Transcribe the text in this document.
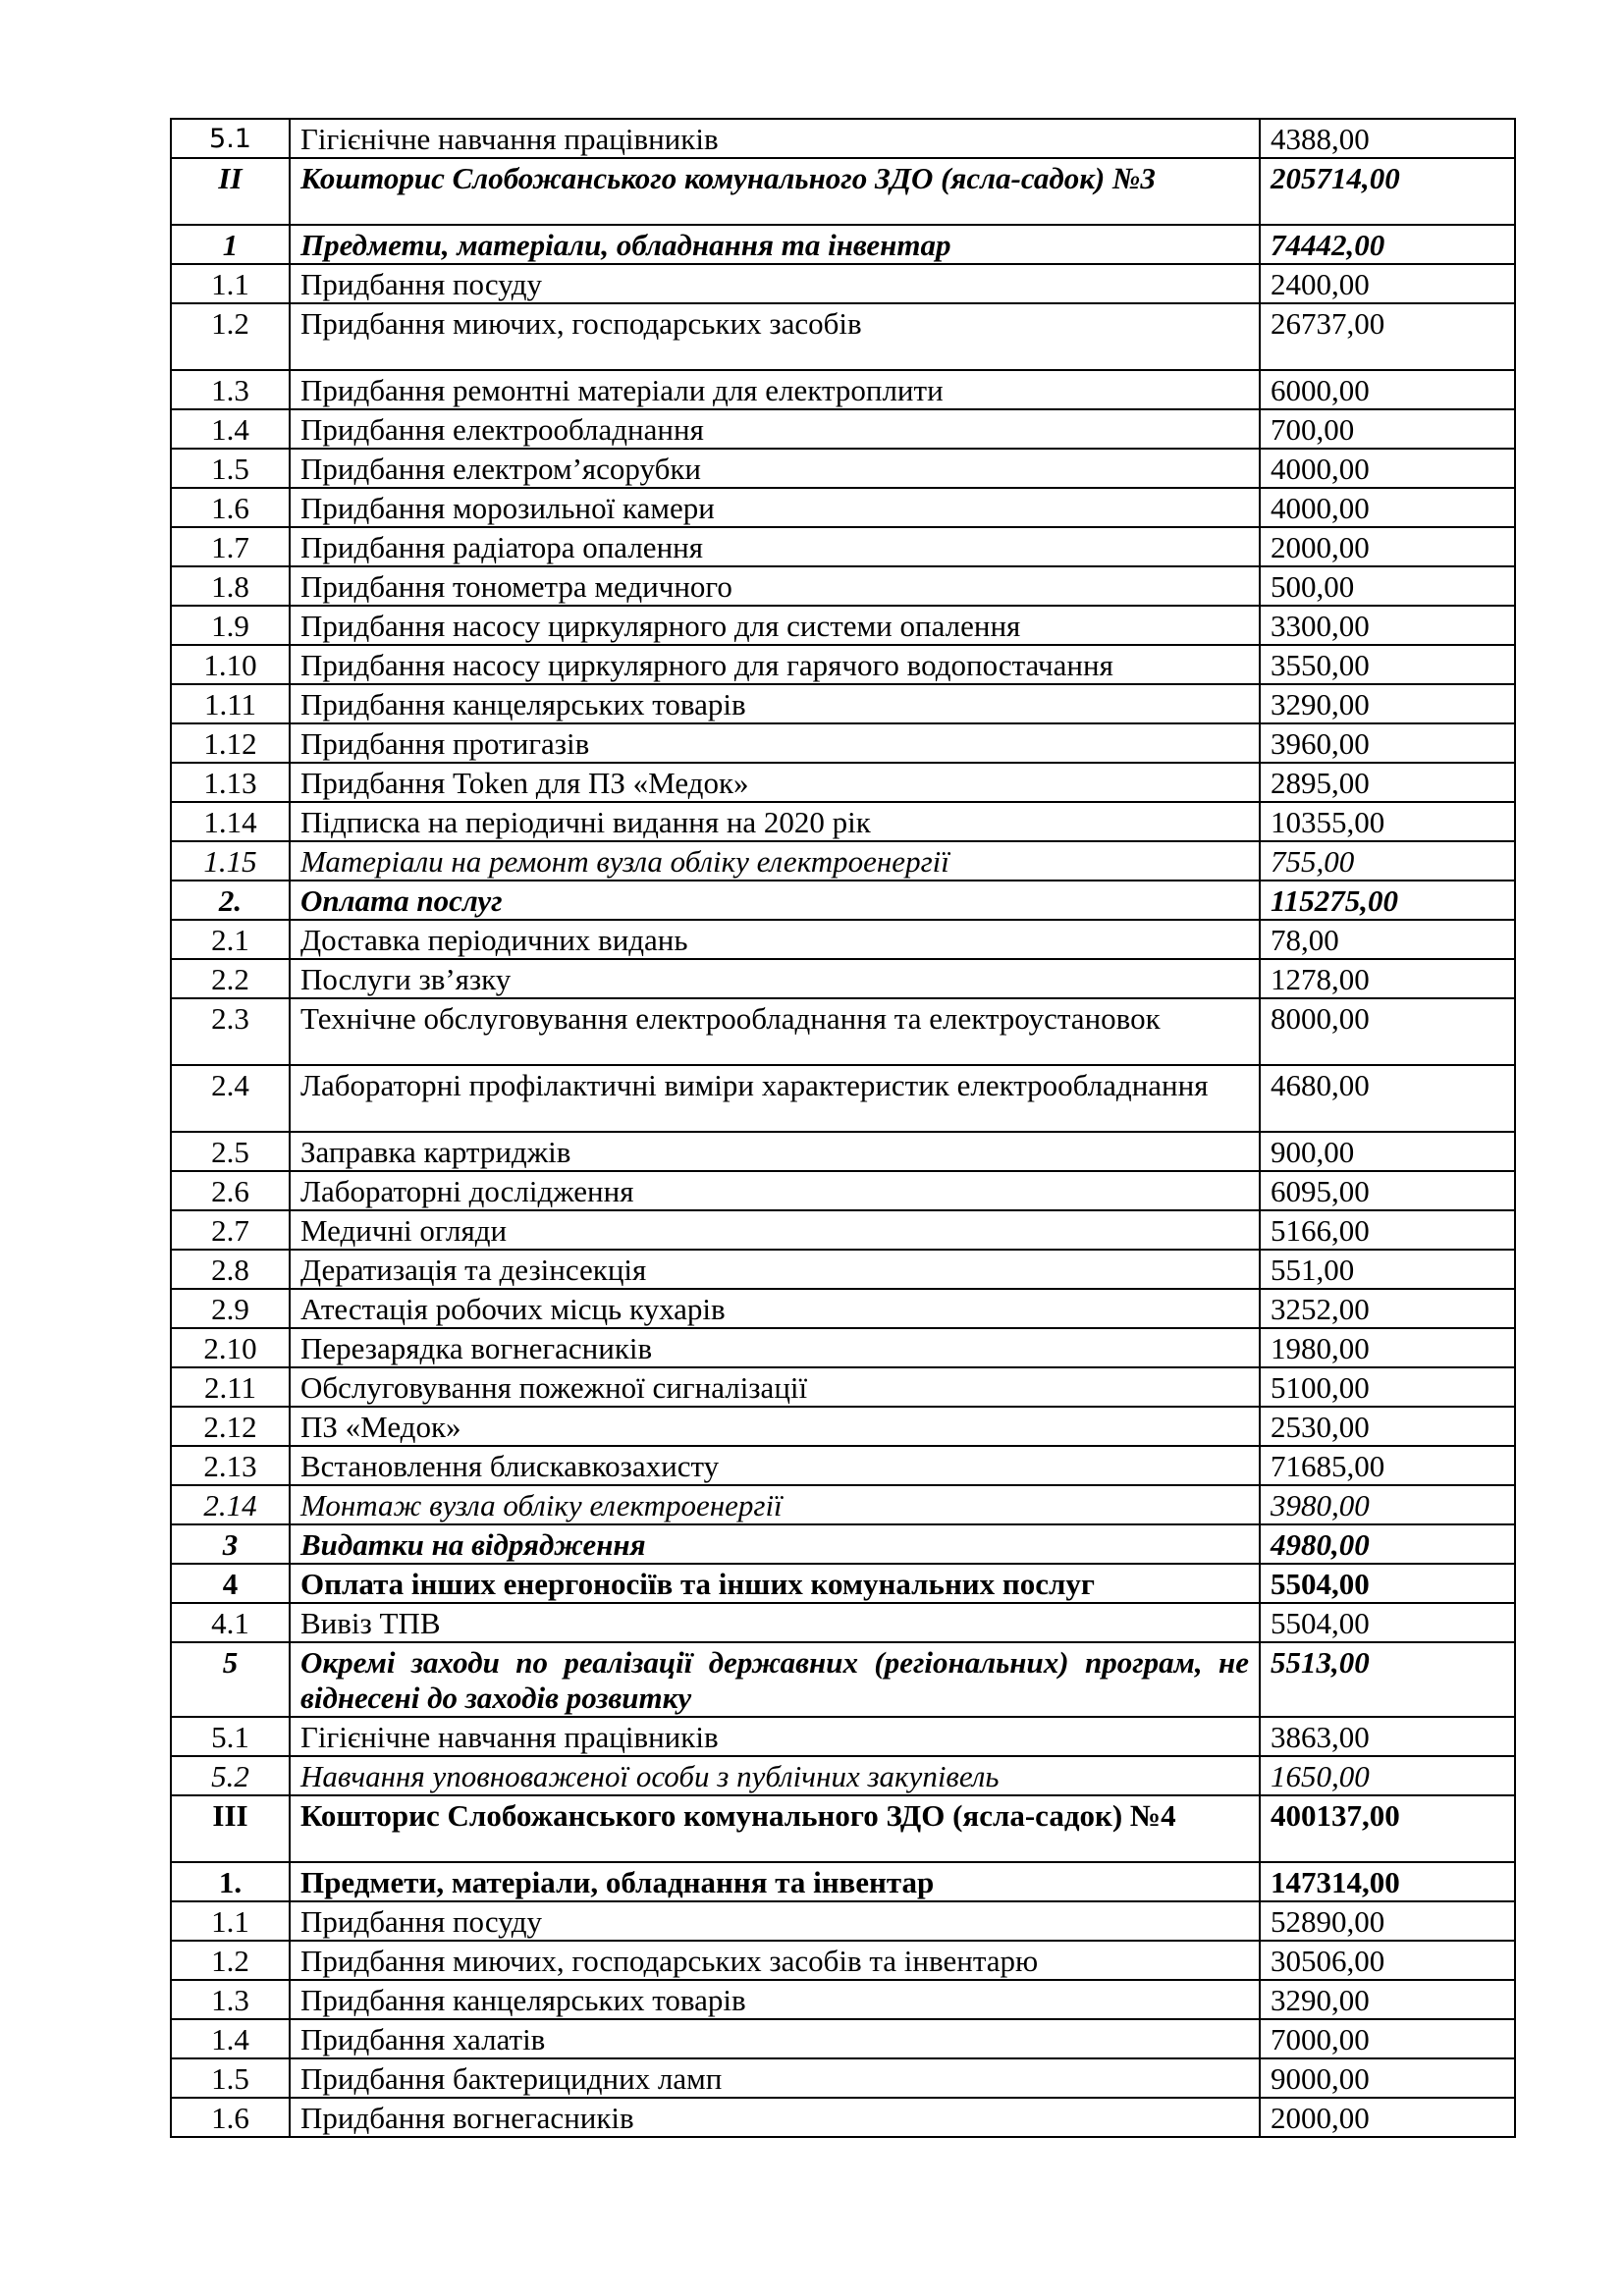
5.1	Гігієнічне навчання працівників	4388,00
II	Кошторис Слобожанського комунального ЗДО (ясла-садок) №3	205714,00
1	Предмети, матеріали, обладнання та інвентар	74442,00
1.1	Придбання посуду	2400,00
1.2	Придбання миючих, господарських засобів	26737,00
1.3	Придбання ремонтні матеріали для електроплити	6000,00
1.4	Придбання електрообладнання	700,00
1.5	Придбання електром’ясорубки	4000,00
1.6	Придбання морозильної камери	4000,00
1.7	Придбання радіатора опалення	2000,00
1.8	Придбання тонометра медичного	500,00
1.9	Придбання насосу циркулярного для системи опалення	3300,00
1.10	Придбання насосу циркулярного для гарячого водопостачання	3550,00
1.11	Придбання канцелярських товарів	3290,00
1.12	Придбання протигазів	3960,00
1.13	Придбання Token для ПЗ «Медок»	2895,00
1.14	Підписка на періодичні видання на 2020 рік	10355,00
1.15	Матеріали на ремонт вузла обліку електроенергії	755,00
2.	Оплата послуг	115275,00
2.1	Доставка періодичних видань	78,00
2.2	Послуги зв’язку	1278,00
2.3	Технічне обслуговування електрообладнання та електроустановок	8000,00
2.4	Лабораторні профілактичні виміри характеристик електрообладнання	4680,00
2.5	Заправка картриджів	900,00
2.6	Лабораторні дослідження	6095,00
2.7	Медичні огляди	5166,00
2.8	Дератизація та дезінсекція	551,00
2.9	Атестація робочих місць кухарів	3252,00
2.10	Перезарядка вогнегасників	1980,00
2.11	Обслуговування пожежної сигналізації	5100,00
2.12	ПЗ «Медок»	2530,00
2.13	Встановлення блискавкозахисту	71685,00
2.14	Монтаж вузла обліку електроенергії	3980,00
3	Видатки на відрядження	4980,00
4	Оплата інших енергоносіїв та інших комунальних послуг	5504,00
4.1	Вивіз ТПВ	5504,00
5	Окремі заходи по реалізації державних (регіональних) програм, не віднесені до заходів розвитку	5513,00
5.1	Гігієнічне навчання працівників	3863,00
5.2	Навчання уповноваженої особи з публічних закупівель	1650,00
III	Кошторис Слобожанського комунального ЗДО (ясла-садок) №4	400137,00
1.	Предмети, матеріали, обладнання та інвентар	147314,00
1.1	Придбання посуду	52890,00
1.2	Придбання миючих, господарських засобів та інвентарю	30506,00
1.3	Придбання канцелярських товарів	3290,00
1.4	Придбання халатів	7000,00
1.5	Придбання бактерицидних ламп	9000,00
1.6	Придбання вогнегасників	2000,00
